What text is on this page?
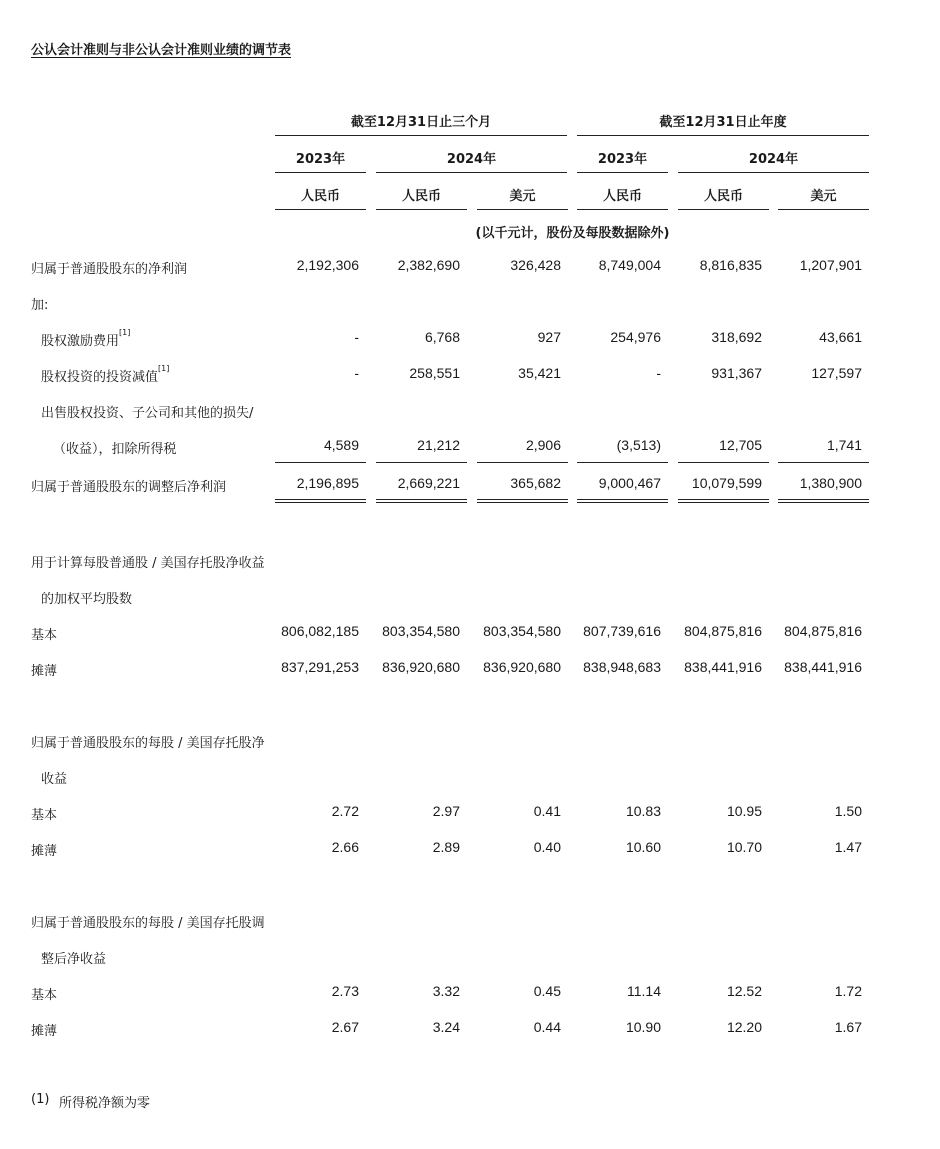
公认会计准则与非公认会计准则业绩的调节表
截至12月31日止三个月	截至12月31日止年度
2023年	2024年	2023年	2024年
人民币	人民币	美元	人民币	人民币	美元
(以千元计，股份及每股数据除外)
归属于普通股股东的净利润	2,192,306	2,382,690	326,428	8,749,004	8,816,835	1,207,901
加:
股权激励费用[1]	-	6,768	927	254,976	318,692	43,661
股权投资的投资减值[1]	-	258,551	35,421	-	931,367	127,597
出售股权投资、子公司和其他的损失/
（收益），扣除所得税	4,589	21,212	2,906	(3,513)	12,705	1,741
归属于普通股股东的调整后净利润	2,196,895	2,669,221	365,682	9,000,467	10,079,599	1,380,900
用于计算每股普通股 / 美国存托股净收益
的加权平均股数
基本	806,082,185	803,354,580	803,354,580	807,739,616	804,875,816	804,875,816
摊薄	837,291,253	836,920,680	836,920,680	838,948,683	838,441,916	838,441,916
归属于普通股股东的每股 / 美国存托股净
收益
基本	2.72	2.97	0.41	10.83	10.95	1.50
摊薄	2.66	2.89	0.40	10.60	10.70	1.47
归属于普通股股东的每股 / 美国存托股调
整后净收益
基本	2.73	3.32	0.45	11.14	12.52	1.72
摊薄	2.67	3.24	0.44	10.90	12.20	1.67
(1) 所得税净额为零
